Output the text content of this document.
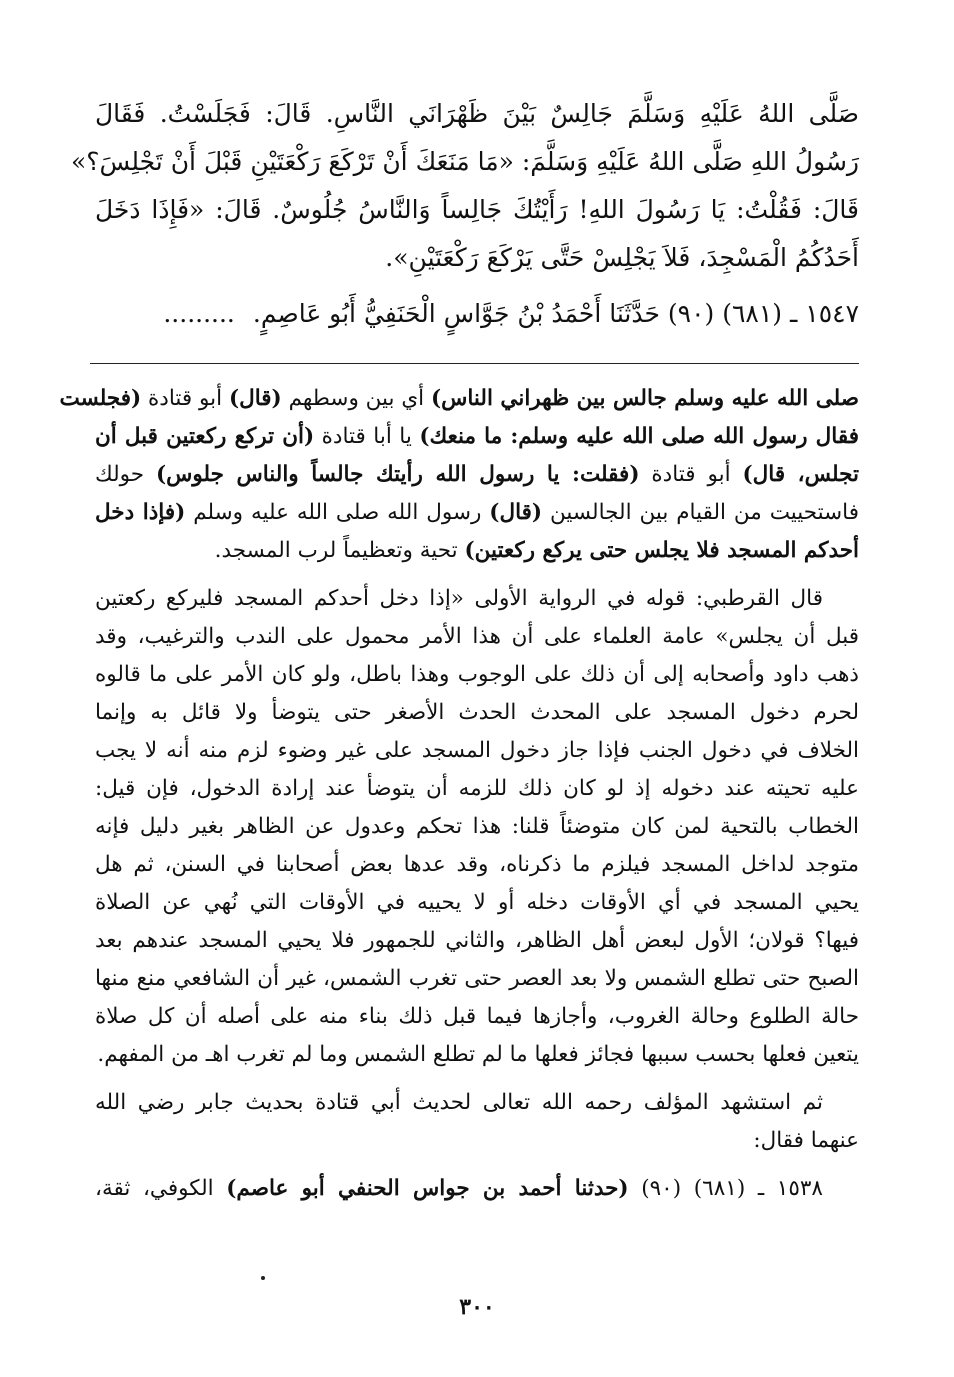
صَلَّى اللهُ عَلَيْهِ وَسَلَّمَ جَالِسٌ بَيْنَ ظَهْرَانَي النَّاسِ. قَالَ: فَجَلَسْتُ. فَقَالَ
رَسُولُ اللهِ صَلَّى اللهُ عَلَيْهِ وَسَلَّمَ: «مَا مَنَعَكَ أَنْ تَرْكَعَ رَكْعَتَيْنِ قَبْلَ أَنْ تَجْلِسَ؟»
قَالَ: فَقُلْتُ: يَا رَسُولَ اللهِ! رَأَيْتُكَ جَالِساً وَالنَّاسُ جُلُوسٌ. قَالَ: «فَإِذَا دَخَلَ
أَحَدُكُمُ الْمَسْجِدَ، فَلاَ يَجْلِسْ حَتَّى يَرْكَعَ رَكْعَتَيْنِ».
١٥٤٧ ـ (٦٨١) (٩٠) حَدَّثَنَا أَحْمَدُ بْنُ جَوَّاسٍ الْحَنَفِيُّ أَبُو عَاصِمٍ..........
صلى الله عليه وسلم جالس بين ظهراني الناس) أي بين وسطهم (قال) أبو قتادة (فجلست
فقال رسول الله صلى الله عليه وسلم: ما منعك) يا أبا قتادة (أن تركع ركعتين قبل أن
تجلس، قال) أبو قتادة (فقلت: يا رسول الله رأيتك جالساً والناس جلوس) حولك
فاستحييت من القيام بين الجالسين (قال) رسول الله صلى الله عليه وسلم (فإذا دخل
أحدكم المسجد فلا يجلس حتى يركع ركعتين) تحية وتعظيماً لرب المسجد.
قال القرطبي: قوله في الرواية الأولى «إذا دخل أحدكم المسجد فليركع ركعتين
قبل أن يجلس» عامة العلماء على أن هذا الأمر محمول على الندب والترغيب، وقد
ذهب داود وأصحابه إلى أن ذلك على الوجوب وهذا باطل، ولو كان الأمر على ما قالوه
لحرم دخول المسجد على المحدث الحدث الأصغر حتى يتوضأ ولا قائل به وإنما
الخلاف في دخول الجنب فإذا جاز دخول المسجد على غير وضوء لزم منه أنه لا يجب
عليه تحيته عند دخوله إذ لو كان ذلك للزمه أن يتوضأ عند إرادة الدخول، فإن قيل:
الخطاب بالتحية لمن كان متوضئاً قلنا: هذا تحكم وعدول عن الظاهر بغير دليل فإنه
متوجد لداخل المسجد فيلزم ما ذكرناه، وقد عدها بعض أصحابنا في السنن، ثم هل
يحيي المسجد في أي الأوقات دخله أو لا يحييه في الأوقات التي نُهي عن الصلاة
فيها؟ قولان؛ الأول لبعض أهل الظاهر، والثاني للجمهور فلا يحيي المسجد عندهم بعد
الصبح حتى تطلع الشمس ولا بعد العصر حتى تغرب الشمس، غير أن الشافعي منع منها
حالة الطلوع وحالة الغروب، وأجازها فيما قبل ذلك بناء منه على أصله أن كل صلاة
يتعين فعلها بحسب سببها فجائز فعلها ما لم تطلع الشمس وما لم تغرب اهـ من المفهم.
ثم استشهد المؤلف رحمه الله تعالى لحديث أبي قتادة بحديث جابر رضي الله
عنهما فقال:
١٥٣٨ ـ (٦٨١) (٩٠) (حدثنا أحمد بن جواس الحنفي أبو عاصم) الكوفي، ثقة،
٣٠٠
